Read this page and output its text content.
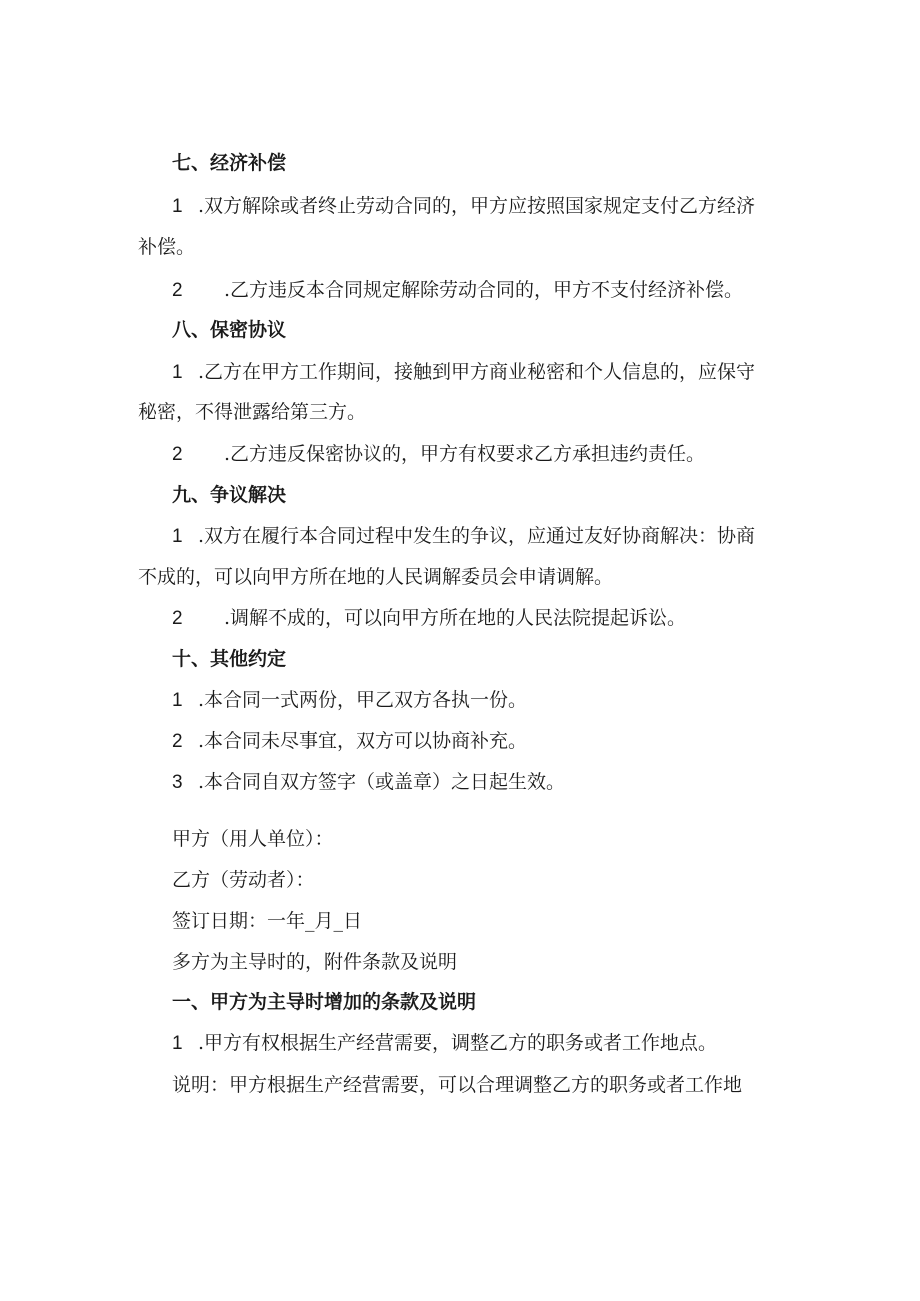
七、经济补偿
1 .双方解除或者终止劳动合同的，甲方应按照国家规定支付乙方经济
补偿。
2 .乙方违反本合同规定解除劳动合同的，甲方不支付经济补偿。
八、保密协议
1 .乙方在甲方工作期间，接触到甲方商业秘密和个人信息的，应保守
秘密，不得泄露给第三方。
2 .乙方违反保密协议的，甲方有权要求乙方承担违约责任。
九、争议解决
1 .双方在履行本合同过程中发生的争议，应通过友好协商解决：协商
不成的，可以向甲方所在地的人民调解委员会申请调解。
2 .调解不成的，可以向甲方所在地的人民法院提起诉讼。
十、其他约定
1 .本合同一式两份，甲乙双方各执一份。
2 .本合同未尽事宜，双方可以协商补充。
3 .本合同自双方签字（或盖章）之日起生效。
甲方（用人单位）：
乙方（劳动者）：
签订日期：一年_月_日
多方为主导时的，附件条款及说明
一、甲方为主导时增加的条款及说明
1 .甲方有权根据生产经营需要，调整乙方的职务或者工作地点。
说明：甲方根据生产经营需要，可以合理调整乙方的职务或者工作地
